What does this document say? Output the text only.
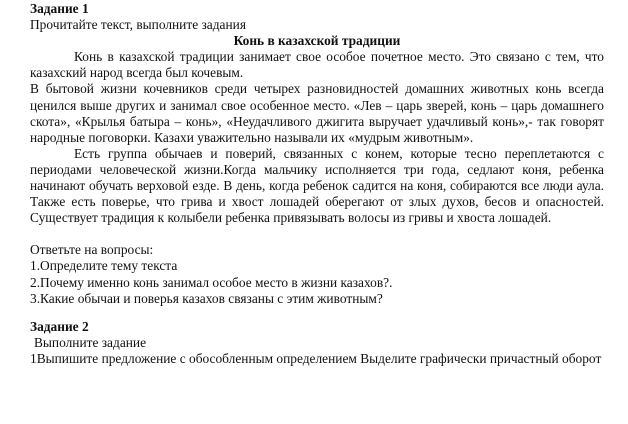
Задание 1

Прочитайте текст, выполните задания

Конь в казахской традиции

Конь в казахской традиции занимает свое особое почетное место. Это связано с тем, что казахский народ всегда был кочевым.

В бытовой жизни кочевников среди четырех разновидностей домашних животных конь всегда ценился выше других и занимал свое особенное место. «Лев – царь зверей, конь – царь домашнего скота», «Крылья батыра – конь», «Неудачливого джигита выручает удачливый конь»,- так говорят народные поговорки. Казахи уважительно называли их «мудрым животным».

Есть группа обычаев и поверий, связанных с конем, которые тесно переплетаются с периодами человеческой жизни.Когда мальчику исполняется три года, седлают коня, ребенка начинают обучать верховой езде. В день, когда ребенок садится на коня, собираются все люди аула. Также есть поверье, что грива и хвост лошадей оберегают от злых духов, бесов и опасностей. Существует традиция к колыбели ребенка привязывать волосы из гривы и хвоста лошадей.

Ответьте на вопросы:

1.Определите тему текста

2.Почему именно конь занимал особое место в жизни казахов?.

3.Какие обычаи и поверья казахов связаны с этим животным?

Задание 2

Выполните задание

1Выпишите предложение с обособленным определением Выделите графически причастный оборот
